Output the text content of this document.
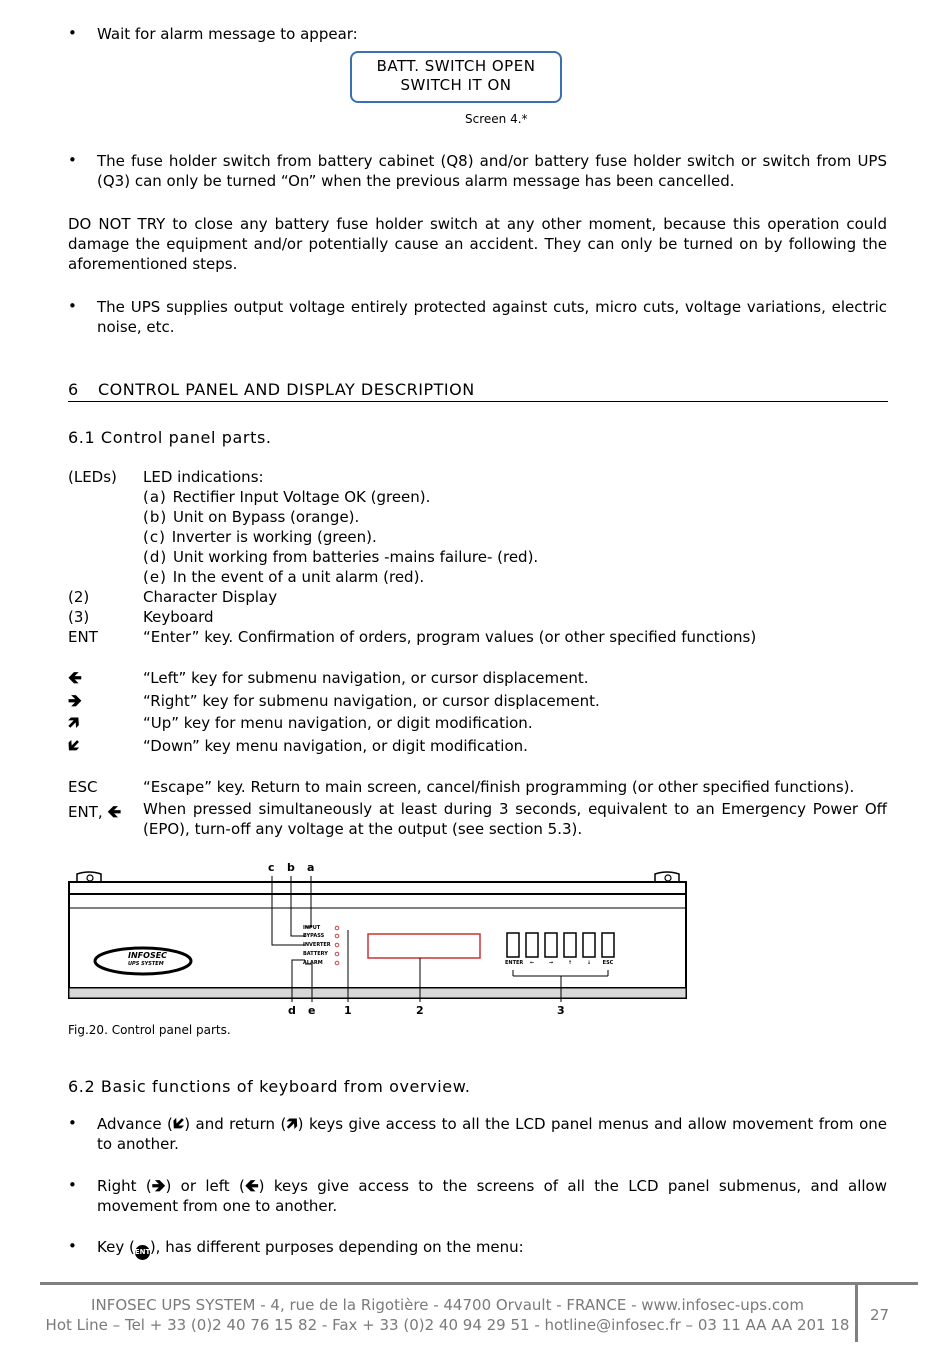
• Wait for alarm message to appear:
BATT. SWITCH OPEN
SWITCH IT ON
Screen 4.*
• The fuse holder switch from battery cabinet (Q8) and/or battery fuse holder switch or switch from UPS (Q3) can only be turned “On” when the previous alarm message has been cancelled.
DO NOT TRY to close any battery fuse holder switch at any other moment, because this operation could damage the equipment and/or potentially cause an accident. They can only be turned on by following the aforementioned steps.
• The UPS supplies output voltage entirely protected against cuts, micro cuts, voltage variations, electric noise, etc.
6 CONTROL PANEL AND DISPLAY DESCRIPTION
6.1 Control panel parts.
(LEDs) LED indications:
(a) Rectifier Input Voltage OK (green).
(b) Unit on Bypass (orange).
(c) Inverter is working (green).
(d) Unit working from batteries -mains failure- (red).
(e) In the event of a unit alarm (red).
(2)	Character Display
(3)	Keyboard
ENT	“Enter” key. Confirmation of orders, program values (or other specified functions)
🡸	“Left” key for submenu navigation, or cursor displacement.
🡺	“Right” key for submenu navigation, or cursor displacement.
🡵	“Up” key for menu navigation, or digit modification.
🡷	“Down” key menu navigation, or digit modification.
ESC	“Escape” key. Return to main screen, cancel/finish programming (or other specified functions).
ENT, 🡸 When pressed simultaneously at least during 3 seconds, equivalent to an Emergency Power Off (EPO), turn-off any voltage at the output (see section 5.3).
c b a
d e	1	2	3
INPUT
BYPASS
INVERTER
BATTERY
ALARM	ENTER	←	→	↑	↓	ESC
INFOSEC
UPS SYSTEM
Fig.20. Control panel parts.
6.2 Basic functions of keyboard from overview.
• Advance (🡷) and return (🡵) keys give access to all the LCD panel menus and allow movement from one to another.
• Right (🡺) or left (🡸) keys give access to the screens of all the LCD panel submenus, and allow movement from one to another.
• Key (ENT), has different purposes depending on the menu:
INFOSEC UPS SYSTEM - 4, rue de la Rigotière - 44700 Orvault - FRANCE - www.infosec-ups.com
Hot Line – Tel + 33 (0)2 40 76 15 82 - Fax + 33 (0)2 40 94 29 51 - hotline@infosec.fr – 03 11 AA AA 201 18
27
